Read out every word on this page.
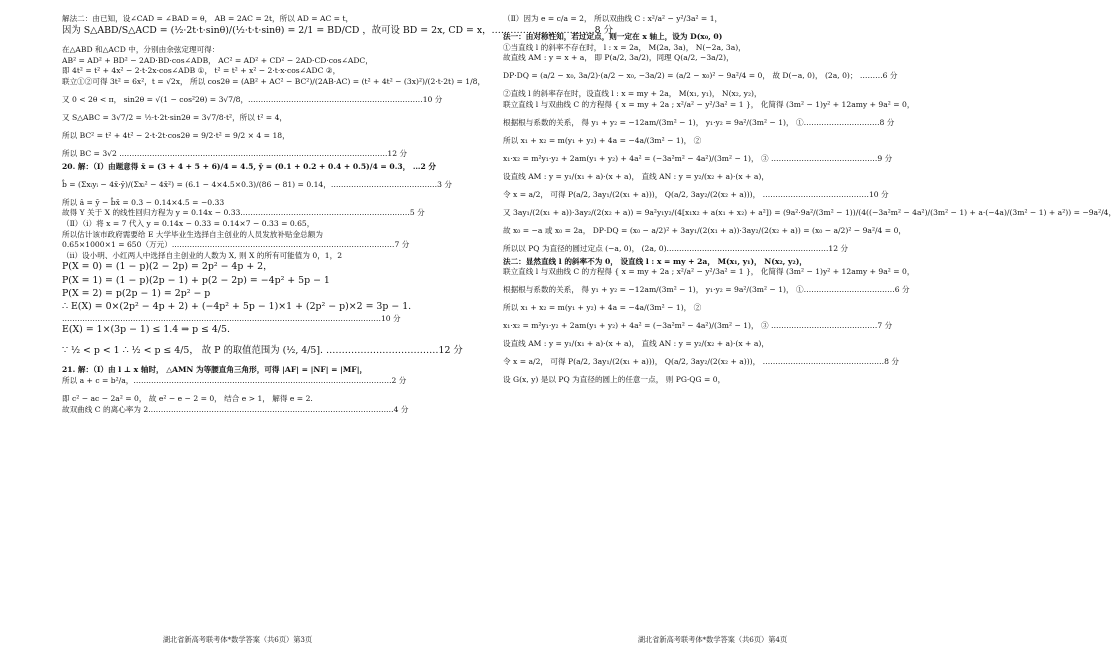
解法二：由已知，设∠CAD = ∠BAD = θ， AB = 2AC = 2t，所以 AD = AC = t，
因为 S△ABD/S△ACD = (½·2t·t·sinθ)/(½·t·t·sinθ) = 2/1 = BD/CD ，故可设 BD = 2x, CD = x，……………………………8 分
在△ABD 和△ACD 中，分别由余弦定理可得：
AB² = AD² + BD² − 2AD·BD·cos∠ADB， AC² = AD² + CD² − 2AD·CD·cos∠ADC，
即 4t² = t² + 4x² − 2·t·2x·cos∠ADB ①， t² = t² + x² − 2·t·x·cos∠ADC ②，
联立①②可得 3t² = 6x²，t = √2x， 所以 cos2θ = (AB² + AC² − BC²)/(2AB·AC) = (t² + 4t² − (3x)²)/(2·t·2t) = 1/8，
又 0 < 2θ < π， sin2θ = √(1 − cos²2θ) = 3√7/8，……………………………………………………………10 分
又 S△ABC = 3√7/2 = ½·t·2t·sin2θ = 3√7/8·t²，所以 t² = 4，
所以 BC² = t² + 4t² − 2·t·2t·cos2θ = 9/2·t² = 9/2 × 4 = 18，
所以 BC = 3√2 .……………………………………………………………………………………………12 分
20. 解：（Ⅰ）由题意得 x̄ = (3 + 4 + 5 + 6)/4 = 4.5, ȳ = (0.1 + 0.2 + 0.4 + 0.5)/4 = 0.3， …2 分
b̂ = (Σxᵢyᵢ − 4x̄·ȳ)/(Σxᵢ² − 4x̄²) = (6.1 − 4×4.5×0.3)/(86 − 81) = 0.14，……………………………………3 分
所以 â = ȳ − b̂x̄ = 0.3 − 0.14×4.5 = −0.33
故得 Y 关于 X 的线性回归方程为 y = 0.14x − 0.33.…………………………………………………………5 分
（Ⅱ）（ⅰ）将 x = 7 代入 y = 0.14x − 0.33 = 0.14×7 − 0.33 = 0.65，
所以估计该市政府需要给 E 大学毕业生选择自主创业的人员发放补贴金总额为
0.65×1000×1 = 650（万元）.……………………………………………………………………………7 分
（ⅱ）设小明、小红两人中选择自主创业的人数为 X, 则 X 的所有可能值为 0，1，2
P(X = 0) = (1 − p)(2 − 2p) = 2p² − 4p + 2，
P(X = 1) = (1 − p)(2p − 1) + p(2 − 2p) = −4p² + 5p − 1
P(X = 2) = p(2p − 1) = 2p² − p
∴ E(X) = 0×(2p² − 4p + 2) + (−4p² + 5p − 1)×1 + (2p² − p)×2 = 3p − 1.
………………………………………………………………………………………………………………10 分
E(X) = 1×(3p − 1) ≤ 1.4 ⇒ p ≤ 4/5.
∵ ½ < p < 1 ∴ ½ < p ≤ 4/5， 故 P 的取值范围为 (½, 4/5]. ………………………………12 分
21. 解：（Ⅰ）由 l ⊥ x 轴时， △AMN 为等腰直角三角形，可得 |AF| = |NF| = |MF|，
所以 a + c = b²/a，…………………………………………………………………………………………2 分
即 c² − ac − 2a² = 0， 故 e² − e − 2 = 0， 结合 e > 1， 解得 e = 2.
故双曲线 C 的离心率为 2.……………………………………………………………………………………4 分
湖北省新高考联考体*数学答案（共6页）第3页
（Ⅱ）因为 e = c/a = 2， 所以双曲线 C : x²/a² − y²/3a² = 1，
法一：由对称性知，若过定点，则一定在 x 轴上，设为 D(x₀, 0)
①当直线 l 的斜率不存在时， l : x = 2a， M(2a, 3a)， N(−2a, 3a)，
故直线 AM : y = x + a， 即 P(a/2, 3a/2)，同理 Q(a/2, −3a/2)，
DP·DQ = (a/2 − x₀, 3a/2)·(a/2 − x₀, −3a/2) = (a/2 − x₀)² − 9a²/4 = 0， 故 D(−a, 0)， (2a, 0)； ………6 分
②直线 l 的斜率存在时，设直线 l : x = my + 2a， M(x₁, y₁)， N(x₂, y₂)，
联立直线 l 与双曲线 C 的方程得 { x = my + 2a ; x²/a² − y²/3a² = 1 }， 化简得 (3m² − 1)y² + 12amy + 9a² = 0，
根据根与系数的关系， 得 y₁ + y₂ = −12am/(3m² − 1)， y₁·y₂ = 9a²/(3m² − 1)， ①…………………………8 分
所以 x₁ + x₂ = m(y₁ + y₂) + 4a = −4a/(3m² − 1)， ②
x₁·x₂ = m²y₁·y₂ + 2am(y₁ + y₂) + 4a² = (−3a²m² − 4a²)/(3m² − 1)， ③ ……………………………………9 分
设直线 AM : y = y₁/(x₁ + a)·(x + a)， 直线 AN : y = y₂/(x₂ + a)·(x + a)，
令 x = a/2， 可得 P(a/2, 3ay₁/(2(x₁ + a)))， Q(a/2, 3ay₂/(2(x₂ + a)))， ……………………………………10 分
又 3ay₁/(2(x₁ + a))·3ay₂/(2(x₂ + a)) = 9a²y₁y₂/(4[x₁x₂ + a(x₁ + x₂) + a²]) = (9a²·9a²/(3m² − 1))/(4((−3a²m² − 4a²)/(3m² − 1) + a·(−4a)/(3m² − 1) + a²)) = −9a²/4，
故 x₀ = −a 或 x₀ = 2a， DP·DQ = (x₀ − a/2)² + 3ay₁/(2(x₁ + a))·3ay₂/(2(x₂ + a)) = (x₀ − a/2)² − 9a²/4 = 0，
所以以 PQ 为直径的圆过定点 (−a, 0)， (2a, 0).………………………………………………………12 分
法二：显然直线 l 的斜率不为 0， 设直线 l : x = my + 2a， M(x₁, y₁)， N(x₂, y₂)，
联立直线 l 与双曲线 C 的方程得 { x = my + 2a ; x²/a² − y²/3a² = 1 }， 化简得 (3m² − 1)y² + 12amy + 9a² = 0，
根据根与系数的关系， 得 y₁ + y₂ = −12am/(3m² − 1)， y₁·y₂ = 9a²/(3m² − 1)， ①………………………………6 分
所以 x₁ + x₂ = m(y₁ + y₂) + 4a = −4a/(3m² − 1)， ②
x₁·x₂ = m²y₁·y₂ + 2am(y₁ + y₂) + 4a² = (−3a²m² − 4a²)/(3m² − 1)， ③ ……………………………………7 分
设直线 AM : y = y₁/(x₁ + a)·(x + a)， 直线 AN : y = y₂/(x₂ + a)·(x + a)，
令 x = a/2， 可得 P(a/2, 3ay₁/(2(x₁ + a)))， Q(a/2, 3ay₂/(2(x₂ + a)))， …………………………………………8 分
设 G(x, y) 是以 PQ 为直径的圆上的任意一点， 则 PG·QG = 0，
湖北省新高考联考体*数学答案（共6页）第4页
